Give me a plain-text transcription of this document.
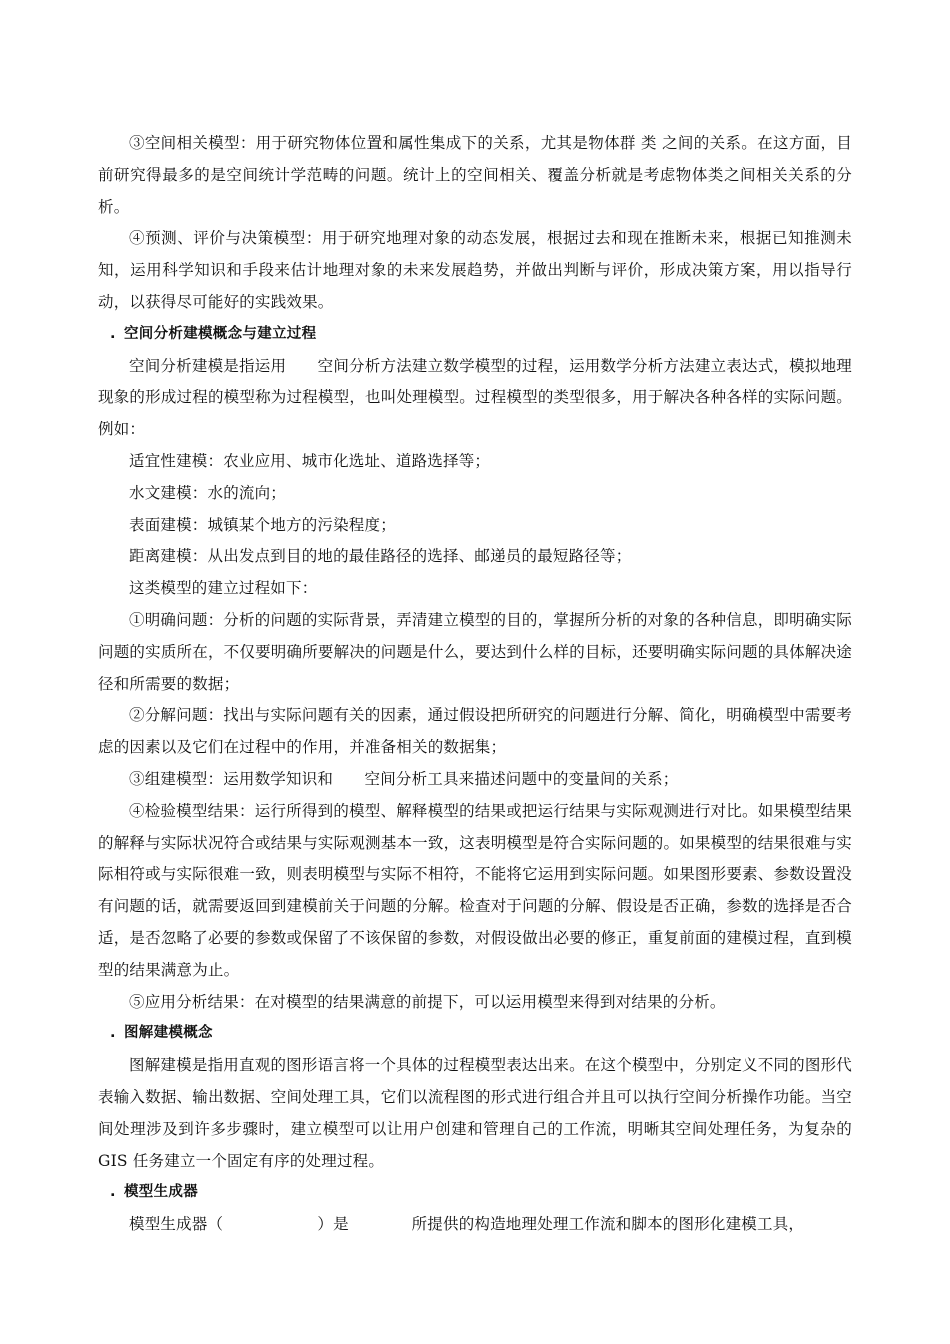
③空间相关模型：用于研究物体位置和属性集成下的关系，尤其是物体群 类 之间的关系。在这方面，目前研究得最多的是空间统计学范畴的问题。统计上的空间相关、覆盖分析就是考虑物体类之间相关关系的分析。

④预测、评价与决策模型：用于研究地理对象的动态发展，根据过去和现在推断未来，根据已知推测未知，运用科学知识和手段来估计地理对象的未来发展趋势，并做出判断与评价，形成决策方案，用以指导行动，以获得尽可能好的实践效果。

. 空间分析建模概念与建立过程

空间分析建模是指运用　　空间分析方法建立数学模型的过程，运用数学分析方法建立表达式，模拟地理现象的形成过程的模型称为过程模型，也叫处理模型。过程模型的类型很多，用于解决各种各样的实际问题。例如：

适宜性建模：农业应用、城市化选址、道路选择等；

水文建模：水的流向；

表面建模：城镇某个地方的污染程度；

距离建模：从出发点到目的地的最佳路径的选择、邮递员的最短路径等；

这类模型的建立过程如下：

①明确问题：分析的问题的实际背景，弄清建立模型的目的，掌握所分析的对象的各种信息，即明确实际问题的实质所在，不仅要明确所要解决的问题是什么，要达到什么样的目标，还要明确实际问题的具体解决途径和所需要的数据；

②分解问题：找出与实际问题有关的因素，通过假设把所研究的问题进行分解、简化，明确模型中需要考虑的因素以及它们在过程中的作用，并准备相关的数据集；

③组建模型：运用数学知识和　　空间分析工具来描述问题中的变量间的关系；

④检验模型结果：运行所得到的模型、解释模型的结果或把运行结果与实际观测进行对比。如果模型结果的解释与实际状况符合或结果与实际观测基本一致，这表明模型是符合实际问题的。如果模型的结果很难与实际相符或与实际很难一致，则表明模型与实际不相符，不能将它运用到实际问题。如果图形要素、参数设置没有问题的话，就需要返回到建模前关于问题的分解。检查对于问题的分解、假设是否正确，参数的选择是否合适，是否忽略了必要的参数或保留了不该保留的参数，对假设做出必要的修正，重复前面的建模过程，直到模型的结果满意为止。

⑤应用分析结果：在对模型的结果满意的前提下，可以运用模型来得到对结果的分析。

. 图解建模概念

图解建模是指用直观的图形语言将一个具体的过程模型表达出来。在这个模型中，分别定义不同的图形代表输入数据、输出数据、空间处理工具，它们以流程图的形式进行组合并且可以执行空间分析操作功能。当空间处理涉及到许多步骤时，建立模型可以让用户创建和管理自己的工作流，明晰其空间处理任务，为复杂的GIS 任务建立一个固定有序的处理过程。

. 模型生成器

模型生成器（　　　　　　）是　　　　所提供的构造地理处理工作流和脚本的图形化建模工具，
